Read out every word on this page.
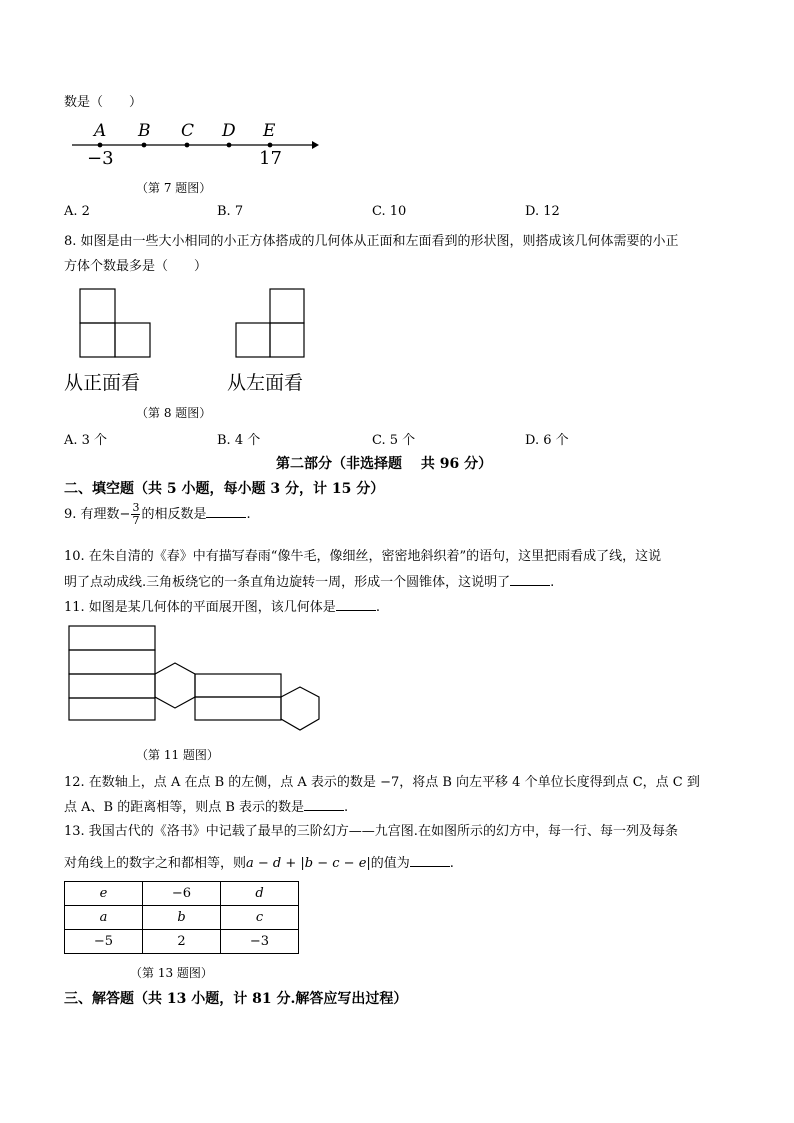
数是（　　）
A B C D E
−3	17
（第 7 题图）
A. 2	B. 7	C. 10	D. 12
8. 如图是由一些大小相同的小正方体搭成的几何体从正面和左面看到的形状图，则搭成该几何体需要的小正
方体个数最多是（　　）
从正面看	从左面看
（第 8 题图）
A. 3 个	B. 4 个	C. 5 个	D. 6 个
第二部分（非选择题　 共 96 分）
二、填空题（共 5 小题，每小题 3 分，计 15 分）
9. 有理数− $\frac{3}{7}$ 的相反数是	.
10. 在朱自清的《春》中有描写春雨“像牛毛，像细丝，密密地斜织着”的语句，这里把雨看成了线，这说
明了点动成线.三角板绕它的一条直角边旋转一周，形成一个圆锥体，这说明了	.
11. 如图是某几何体的平面展开图，该几何体是	.
（第 11 题图）
12. 在数轴上，点 A 在点 B 的左侧，点 A 表示的数是 −7，将点 B 向左平移 4 个单位长度得到点 C，点 C 到
点 A、B 的距离相等，则点 B 表示的数是	.
13. 我国古代的《洛书》中记载了最早的三阶幻方——九宫图.在如图所示的幻方中，每一行、每一列及每条
对角线上的数字之和都相等，则a − d + |b − c − e|的值为	.
e	−6	d
a	b	c
−5	2	−3
（第 13 题图）
三、解答题（共 13 小题，计 81 分.解答应写出过程）
